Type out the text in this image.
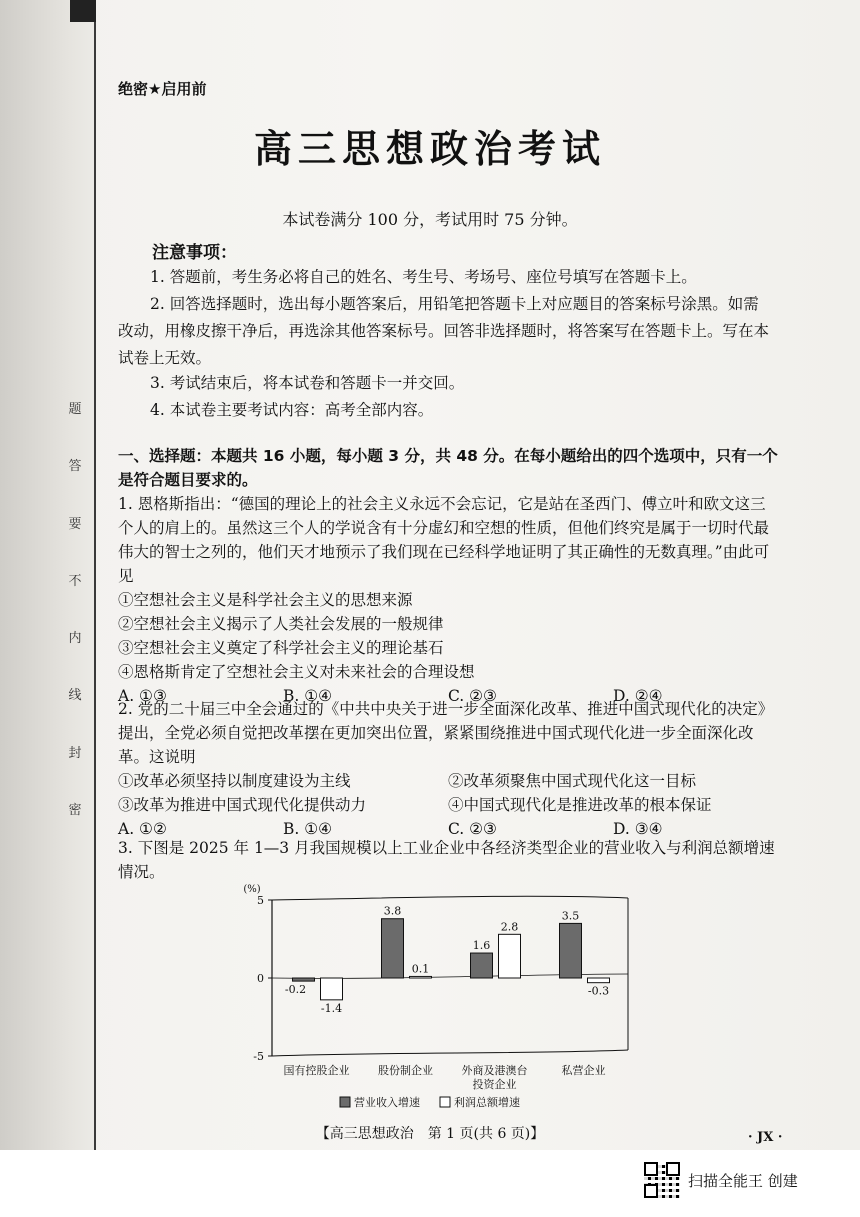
题
答
要
不
内
线
封
密
绝密★启用前
高三思想政治考试
本试卷满分 100 分，考试用时 75 分钟。
注意事项：
1. 答题前，考生务必将自己的姓名、考生号、考场号、座位号填写在答题卡上。
2. 回答选择题时，选出每小题答案后，用铅笔把答题卡上对应题目的答案标号涂黑。如需改动，用橡皮擦干净后，再选涂其他答案标号。回答非选择题时，将答案写在答题卡上。写在本试卷上无效。
3. 考试结束后，将本试卷和答题卡一并交回。
4. 本试卷主要考试内容：高考全部内容。
一、选择题：本题共 16 小题，每小题 3 分，共 48 分。在每小题给出的四个选项中，只有一个是符合题目要求的。
1. 恩格斯指出：“德国的理论上的社会主义永远不会忘记，它是站在圣西门、傅立叶和欧文这三个人的肩上的。虽然这三个人的学说含有十分虚幻和空想的性质，但他们终究是属于一切时代最伟大的智士之列的，他们天才地预示了我们现在已经科学地证明了其正确性的无数真理。”由此可见
①空想社会主义是科学社会主义的思想来源
②空想社会主义揭示了人类社会发展的一般规律
③空想社会主义奠定了科学社会主义的理论基石
④恩格斯肯定了空想社会主义对未来社会的合理设想
A. ①③	B. ①④	C. ②③	D. ②④
2. 党的二十届三中全会通过的《中共中央关于进一步全面深化改革、推进中国式现代化的决定》提出，全党必须自觉把改革摆在更加突出位置，紧紧围绕推进中国式现代化进一步全面深化改革。这说明
①改革必须坚持以制度建设为主线	②改革须聚焦中国式现代化这一目标
③改革为推进中国式现代化提供动力	④中国式现代化是推进改革的根本保证
A. ①②	B. ①④	C. ②③	D. ③④
3. 下图是 2025 年 1—3 月我国规模以上工业企业中各经济类型企业的营业收入与利润总额增速情况。
(%)
5
0
-5
-0.2
-1.4
国有控股企业
3.8
0.1
股份制企业
1.6
2.8
外商及港澳台
投资企业
3.5
-0.3
私营企业
营业收入增速	利润总额增速
【高三思想政治　第 1 页(共 6 页)】	· JX ·
扫描全能王 创建
